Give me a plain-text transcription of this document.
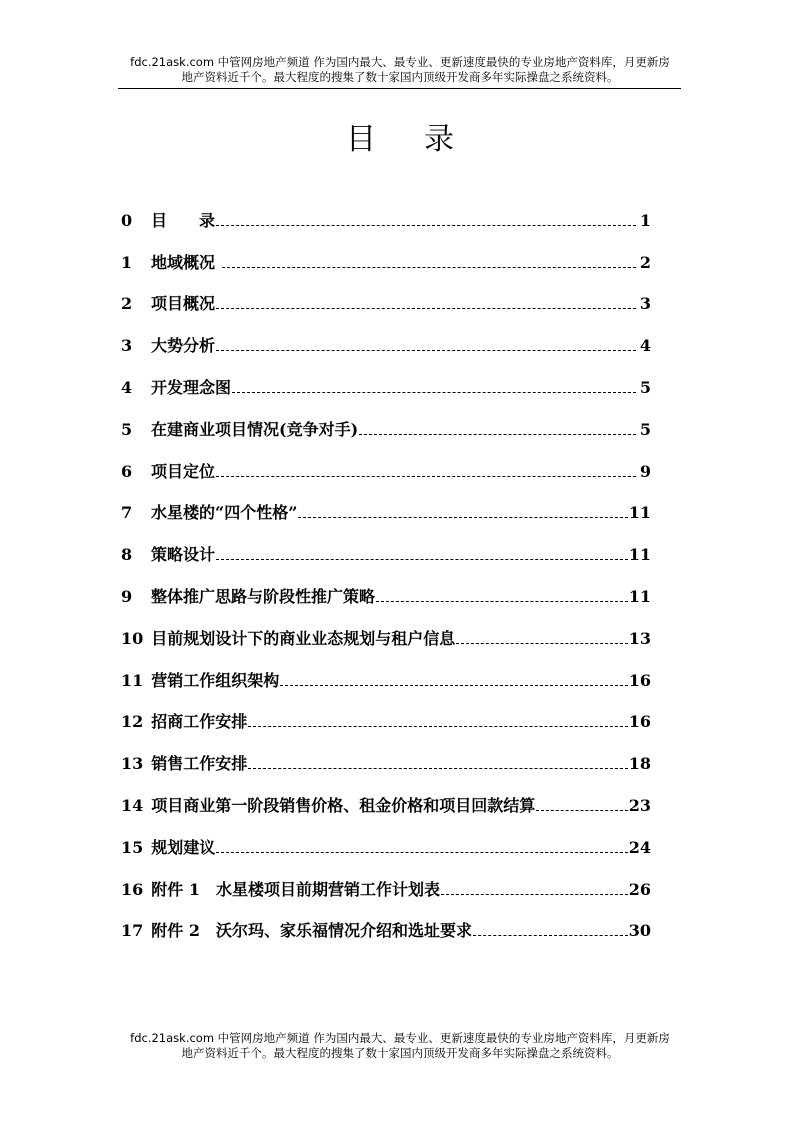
fdc.21ask.com 中管网房地产频道 作为国内最大、最专业、更新速度最快的专业房地产资料库，月更新房
地产资料近千个。最大程度的搜集了数十家国内顶级开发商多年实际操盘之系统资料。
目录
0	目　　录	1
1	地域概况	2
2	项目概况	3
3	大势分析	4
4	开发理念图	5
5	在建商业项目情况(竞争对手)	5
6	项目定位	9
7	水星楼的“四个性格”	11
8	策略设计	11
9	整体推广思路与阶段性推广策略	11
10 目前规划设计下的商业业态规划与租户信息	13
11 营销工作组织架构	16
12 招商工作安排	16
13 销售工作安排	18
14 项目商业第一阶段销售价格、租金价格和项目回款结算	23
15 规划建议	24
16 附件 1　水星楼项目前期营销工作计划表	26
17 附件 2　沃尔玛、家乐福情况介绍和选址要求	30
fdc.21ask.com 中管网房地产频道 作为国内最大、最专业、更新速度最快的专业房地产资料库，月更新房
地产资料近千个。最大程度的搜集了数十家国内顶级开发商多年实际操盘之系统资料。
